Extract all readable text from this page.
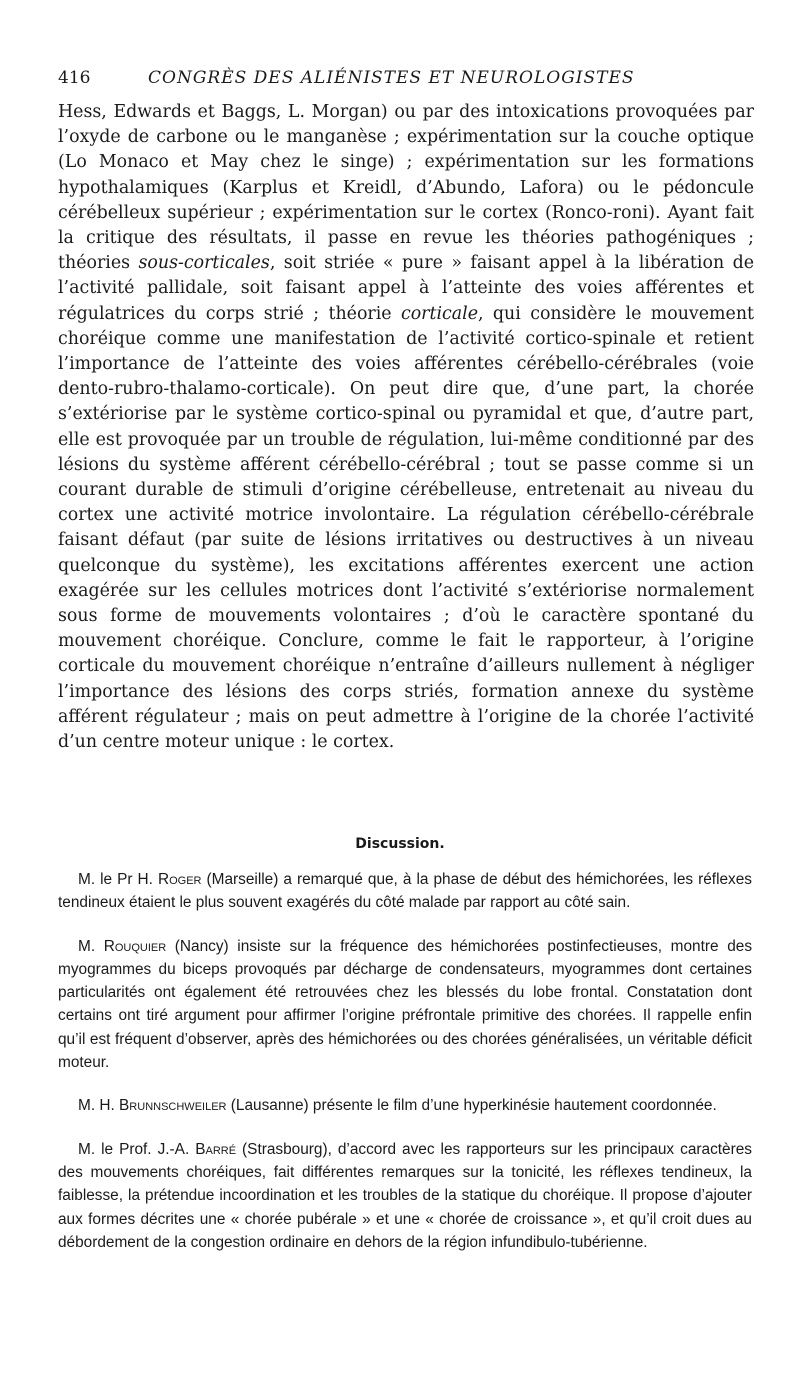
416	CONGRÈS DES ALIÉNISTES ET NEUROLOGISTES

Hess, Edwards et Baggs, L. Morgan) ou par des intoxications provoquées par l’oxyde de carbone ou le manganèse ; expérimentation sur la couche optique (Lo Monaco et May chez le singe) ; expérimentation sur les formations hypothalamiques (Karplus et Kreidl, d’Abundo, Lafora) ou le pédoncule cérébelleux supérieur ; expérimentation sur le cortex (Ronco-roni). Ayant fait la critique des résultats, il passe en revue les théories pathogéniques ; théories sous-corticales, soit striée « pure » faisant appel à la libération de l’activité pallidale, soit faisant appel à l’atteinte des voies afférentes et régulatrices du corps strié ; théorie corticale, qui considère le mouvement choréique comme une manifestation de l’activité cortico-spinale et retient l’importance de l’atteinte des voies afférentes cérébello-cérébrales (voie dento-rubro-thalamo-corticale). On peut dire que, d’une part, la chorée s’extériorise par le système cortico-spinal ou pyramidal et que, d’autre part, elle est provoquée par un trouble de régulation, lui-même conditionné par des lésions du système afférent cérébello-cérébral ; tout se passe comme si un courant durable de stimuli d’origine cérébelleuse, entretenait au niveau du cortex une activité motrice involontaire. La régulation cérébello-cérébrale faisant défaut (par suite de lésions irritatives ou destructives à un niveau quelconque du système), les excitations afférentes exercent une action exagérée sur les cellules motrices dont l’activité s’extériorise normalement sous forme de mouvements volontaires ; d’où le caractère spontané du mouvement choréique. Conclure, comme le fait le rapporteur, à l’origine corticale du mouvement choréique n’entraîne d’ailleurs nullement à négliger l’importance des lésions des corps striés, formation annexe du système afférent régulateur ; mais on peut admettre à l’origine de la chorée l’activité d’un centre moteur unique : le cortex.

Discussion.

M. le Pr H. Roger (Marseille) a remarqué que, à la phase de début des hémichorées, les réflexes tendineux étaient le plus souvent exagérés du côté malade par rapport au côté sain.

M. Rouquier (Nancy) insiste sur la fréquence des hémichorées postinfectieuses, montre des myogrammes du biceps provoqués par décharge de condensateurs, myogrammes dont certaines particularités ont également été retrouvées chez les blessés du lobe frontal. Constatation dont certains ont tiré argument pour affirmer l’origine préfrontale primitive des chorées. Il rappelle enfin qu’il est fréquent d’observer, après des hémichorées ou des chorées généralisées, un véritable déficit moteur.

M. H. Brunnschweiler (Lausanne) présente le film d’une hyperkinésie hautement coordonnée.

M. le Prof. J.-A. Barré (Strasbourg), d’accord avec les rapporteurs sur les principaux caractères des mouvements choréiques, fait différentes remarques sur la tonicité, les réflexes tendineux, la faiblesse, la prétendue incoordination et les troubles de la statique du choréique. Il propose d’ajouter aux formes décrites une « chorée pubérale » et une « chorée de croissance », et qu’il croit dues au débordement de la congestion ordinaire en dehors de la région infundibulo-tubérienne.
